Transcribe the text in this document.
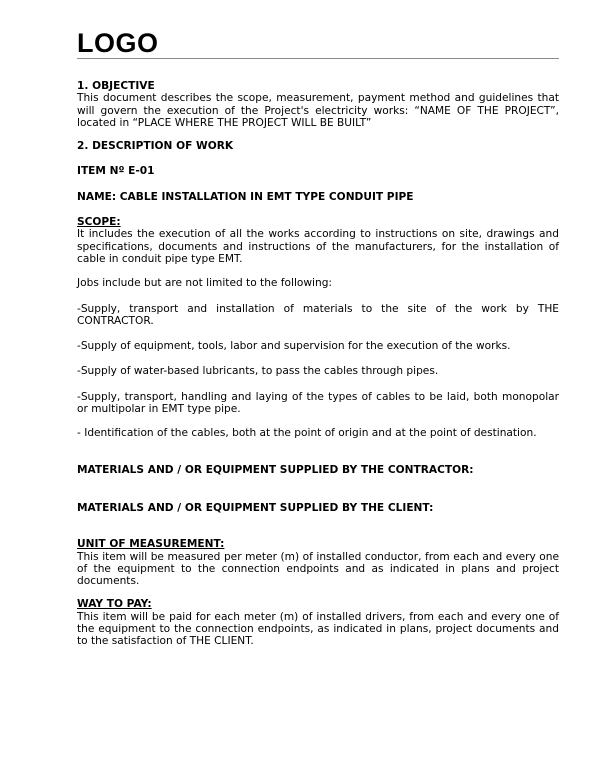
LOGO

1. OBJECTIVE

This document describes the scope, measurement, payment method and guidelines that will govern the execution of the Project's electricity works: “NAME OF THE PROJECT”, located in “PLACE WHERE THE PROJECT WILL BE BUILT”

2. DESCRIPTION OF WORK

ITEM Nº E-01

NAME: CABLE INSTALLATION IN EMT TYPE CONDUIT PIPE

SCOPE:

It includes the execution of all the works according to instructions on site, drawings and specifications, documents and instructions of the manufacturers, for the installation of cable in conduit pipe type EMT.

Jobs include but are not limited to the following:

-Supply, transport and installation of materials to the site of the work by THE CONTRACTOR.

-Supply of equipment, tools, labor and supervision for the execution of the works.

-Supply of water-based lubricants, to pass the cables through pipes.

-Supply, transport, handling and laying of the types of cables to be laid, both monopolar or multipolar in EMT type pipe.

- Identification of the cables, both at the point of origin and at the point of destination.

MATERIALS AND / OR EQUIPMENT SUPPLIED BY THE CONTRACTOR:

MATERIALS AND / OR EQUIPMENT SUPPLIED BY THE CLIENT:

UNIT OF MEASUREMENT:

This item will be measured per meter (m) of installed conductor, from each and every one of the equipment to the connection endpoints and as indicated in plans and project documents.

WAY TO PAY:

This item will be paid for each meter (m) of installed drivers, from each and every one of the equipment to the connection endpoints, as indicated in plans, project documents and to the satisfaction of THE CLIENT.
